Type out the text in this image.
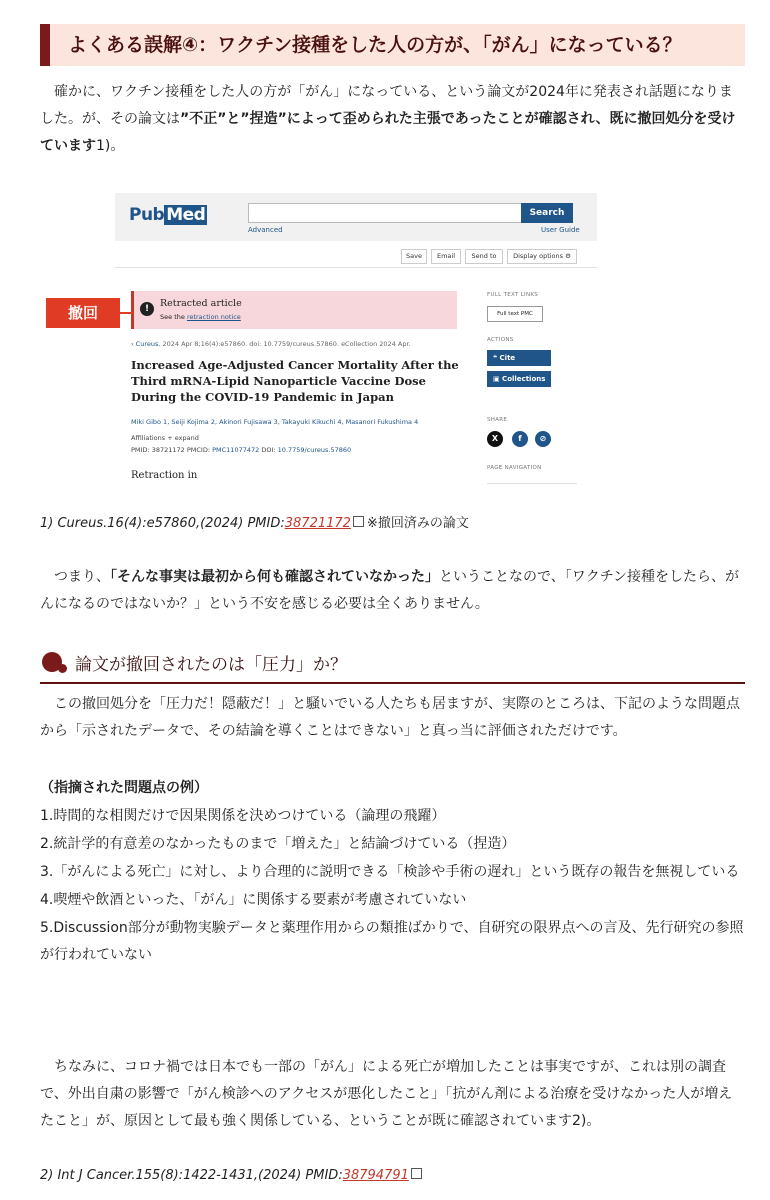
よくある誤解④：ワクチン接種をした人の方が、「がん」になっている？
　確かに、ワクチン接種をした人の方が「がん」になっている、という論文が2024年に発表され話題になりました。が、その論文は”不正”と”捏造”によって歪められた主張であったことが確認され、既に撤回処分を受けています1)。
Pub Med	Search
Advanced	User Guide
Save	Email	Send to	Display options ⚙
!	Retracted article
See the retraction notice
› Cureus. 2024 Apr 8;16(4):e57860. doi: 10.7759/cureus.57860. eCollection 2024 Apr.
Increased Age-Adjusted Cancer Mortality After the Third mRNA-Lipid Nanoparticle Vaccine Dose During the COVID-19 Pandemic in Japan
Miki Gibo 1, Seiji Kojima 2, Akinori Fujisawa 3, Takayuki Kikuchi 4, Masanori Fukushima 4
Affiliations + expand
PMID: 38721172 PMCID: PMC11077472 DOI: 10.7759/cureus.57860
Retraction in
FULL TEXT LINKS
Full text PMC
ACTIONS
❝ Cite
▣ Collections
SHARE
X	f	⊘
PAGE NAVIGATION
撤回
1) Cureus.16(4):e57860,(2024) PMID:38721172 ※撤回済みの論文
　つまり、「そんな事実は最初から何も確認されていなかった」ということなので、「ワクチン接種をしたら、がんになるのではないか？」という不安を感じる必要は全くありません。
論文が撤回されたのは「圧力」か？
　この撤回処分を「圧力だ！隠蔽だ！」と騒いでいる人たちも居ますが、実際のところは、下記のような問題点から「示されたデータで、その結論を導くことはできない」と真っ当に評価されただけです。
（指摘された問題点の例）
1.時間的な相関だけで因果関係を決めつけている（論理の飛躍）
2.統計学的有意差のなかったものまで「増えた」と結論づけている（捏造）
3.「がんによる死亡」に対し、より合理的に説明できる「検診や手術の遅れ」という既存の報告を無視している
4.喫煙や飲酒といった、「がん」に関係する要素が考慮されていない
5.Discussion部分が動物実験データと薬理作用からの類推ばかりで、自研究の限界点への言及、先行研究の参照が行われていない
　ちなみに、コロナ禍では日本でも一部の「がん」による死亡が増加したことは事実ですが、これは別の調査で、外出自粛の影響で「がん検診へのアクセスが悪化したこと」「抗がん剤による治療を受けなかった人が増えたこと」が、原因として最も強く関係している、ということが既に確認されています2)。
2) Int J Cancer.155(8):1422-1431,(2024) PMID:38794791
